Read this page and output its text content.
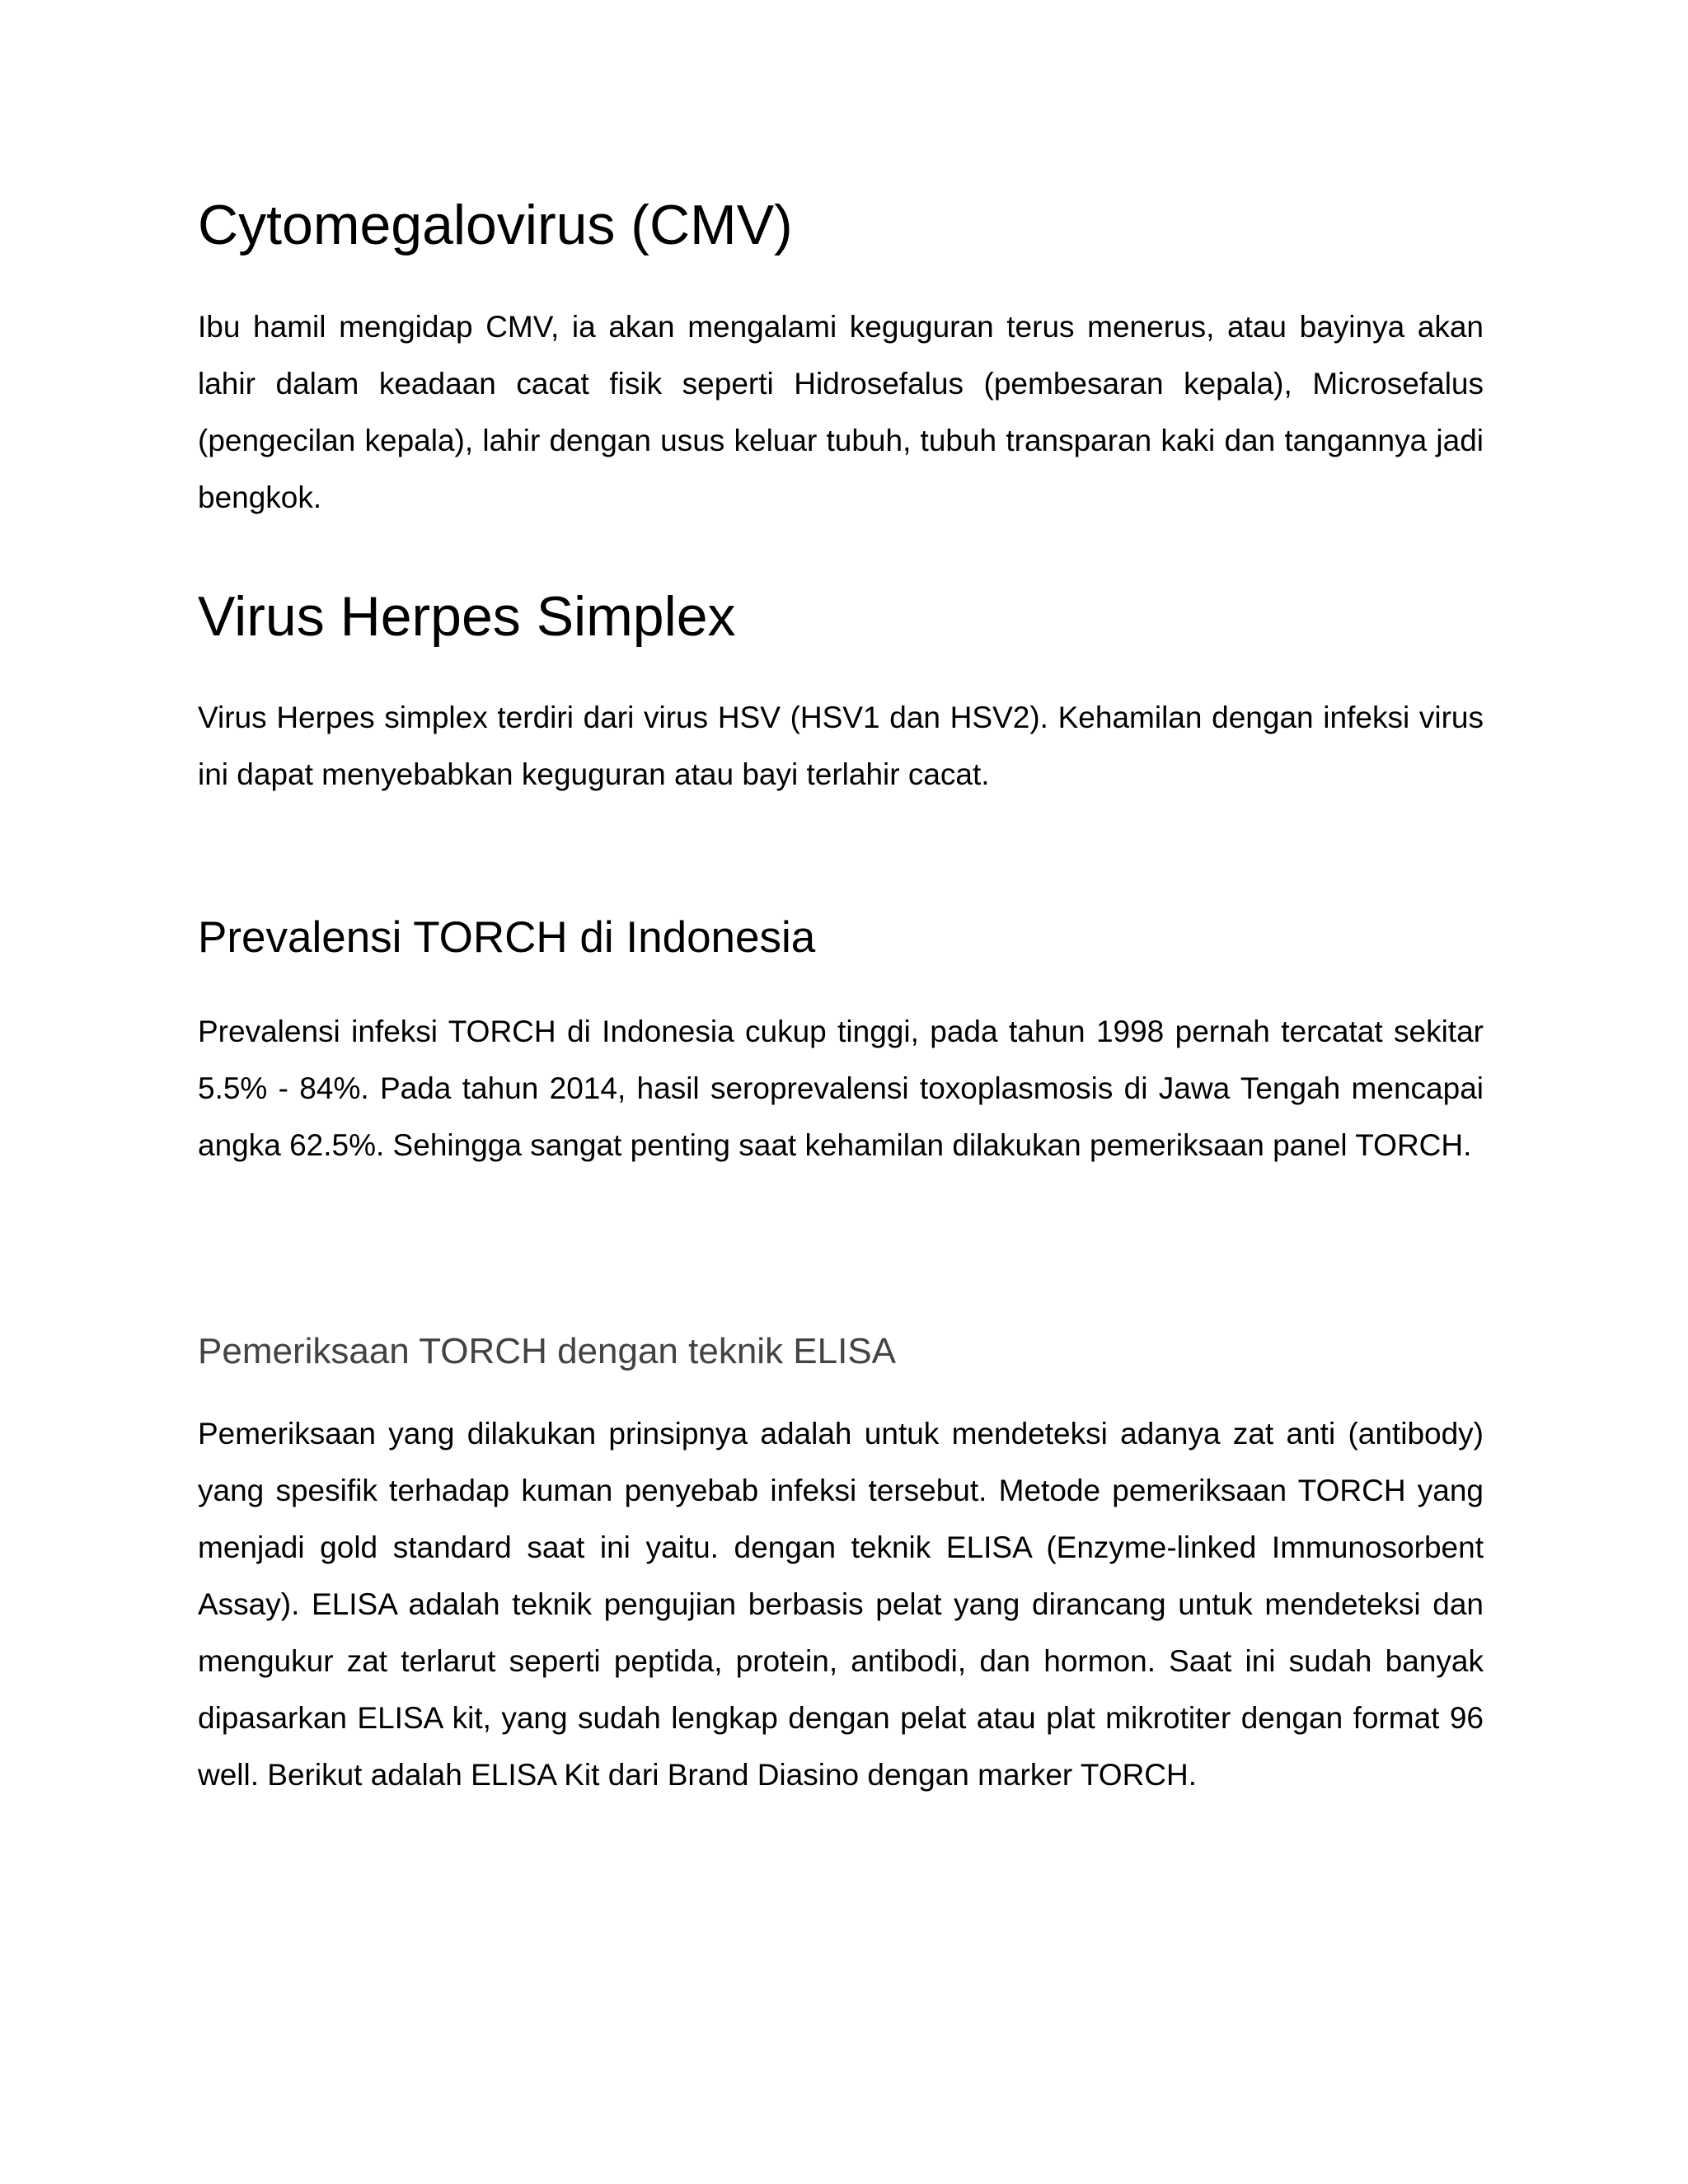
Cytomegalovirus (CMV)

Ibu hamil mengidap CMV, ia akan mengalami keguguran terus menerus, atau bayinya akan lahir dalam keadaan cacat fisik seperti Hidrosefalus (pembesaran kepala), Microsefalus (pengecilan kepala), lahir dengan usus keluar tubuh, tubuh transparan kaki dan tangannya jadi bengkok.

Virus Herpes Simplex

Virus Herpes simplex terdiri dari virus HSV (HSV1 dan HSV2). Kehamilan dengan infeksi virus ini dapat menyebabkan keguguran atau bayi terlahir cacat.

Prevalensi TORCH di Indonesia

Prevalensi infeksi TORCH di Indonesia cukup tinggi, pada tahun 1998 pernah tercatat sekitar 5.5% - 84%. Pada tahun 2014, hasil seroprevalensi toxoplasmosis di Jawa Tengah mencapai angka 62.5%. Sehingga sangat penting saat kehamilan dilakukan pemeriksaan panel TORCH.

Pemeriksaan TORCH dengan teknik ELISA

Pemeriksaan yang dilakukan prinsipnya adalah untuk mendeteksi adanya zat anti (antibody) yang spesifik terhadap kuman penyebab infeksi tersebut. Metode pemeriksaan TORCH yang menjadi gold standard saat ini yaitu. dengan teknik ELISA (Enzyme-linked Immunosorbent Assay). ELISA adalah teknik pengujian berbasis pelat yang dirancang untuk mendeteksi dan mengukur zat terlarut seperti peptida, protein, antibodi, dan hormon. Saat ini sudah banyak dipasarkan ELISA kit, yang sudah lengkap dengan pelat atau plat mikrotiter dengan format 96 well. Berikut adalah ELISA Kit dari Brand Diasino dengan marker TORCH.
